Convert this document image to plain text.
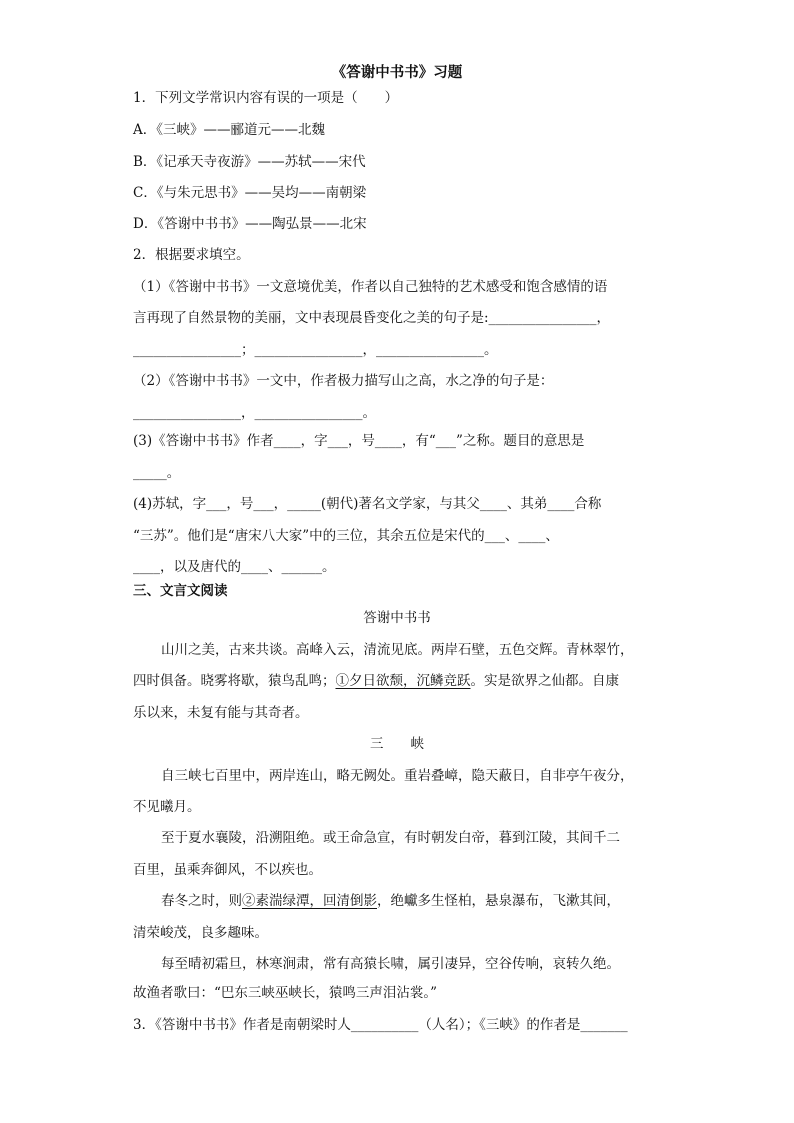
《答谢中书书》习题
1．下列文学常识内容有误的一项是（　　）
A．《三峡》——郦道元——北魏
B．《记承天寺夜游》——苏轼——宋代
C．《与朱元思书》——吴均——南朝梁
D．《答谢中书书》——陶弘景——北宋
2．根据要求填空。
（1）《答谢中书书》一文意境优美，作者以自己独特的艺术感受和饱含感情的语
言再现了自然景物的美丽，文中表现晨昏变化之美的句子是:________________，
________________；________________，________________。
（2）《答谢中书书》一文中，作者极力描写山之高，水之净的句子是：
________________，________________。
(3)《答谢中书书》作者____，字___，号____，有“___”之称。题目的意思是
_____。
(4)苏轼，字___，号___，_____(朝代)著名文学家，与其父____、其弟____合称
“三苏”。他们是“唐宋八大家”中的三位，其余五位是宋代的___、____、
____，以及唐代的____、______。
三、文言文阅读
答谢中书书
山川之美，古来共谈。高峰入云，清流见底。两岸石壁，五色交辉。青林翠竹，
四时俱备。晓雾将歇，猿鸟乱鸣；①夕日欲颓，沉鳞竞跃。实是欲界之仙都。自康
乐以来，未复有能与其奇者。
三　　峡
自三峡七百里中，两岸连山，略无阙处。重岩叠嶂，隐天蔽日，自非亭午夜分，
不见曦月。
至于夏水襄陵，沿溯阻绝。或王命急宣，有时朝发白帝，暮到江陵，其间千二
百里，虽乘奔御风，不以疾也。
春冬之时，则②素湍绿潭，回清倒影，绝巘多生怪柏，悬泉瀑布，飞漱其间，
清荣峻茂，良多趣味。
每至晴初霜旦，林寒涧肃，常有高猿长啸，属引凄异，空谷传响，哀转久绝。
故渔者歌曰：“巴东三峡巫峡长，猿鸣三声泪沾裳。”
3．《答谢中书书》作者是南朝梁时人__________（人名）；《三峡》的作者是_______
